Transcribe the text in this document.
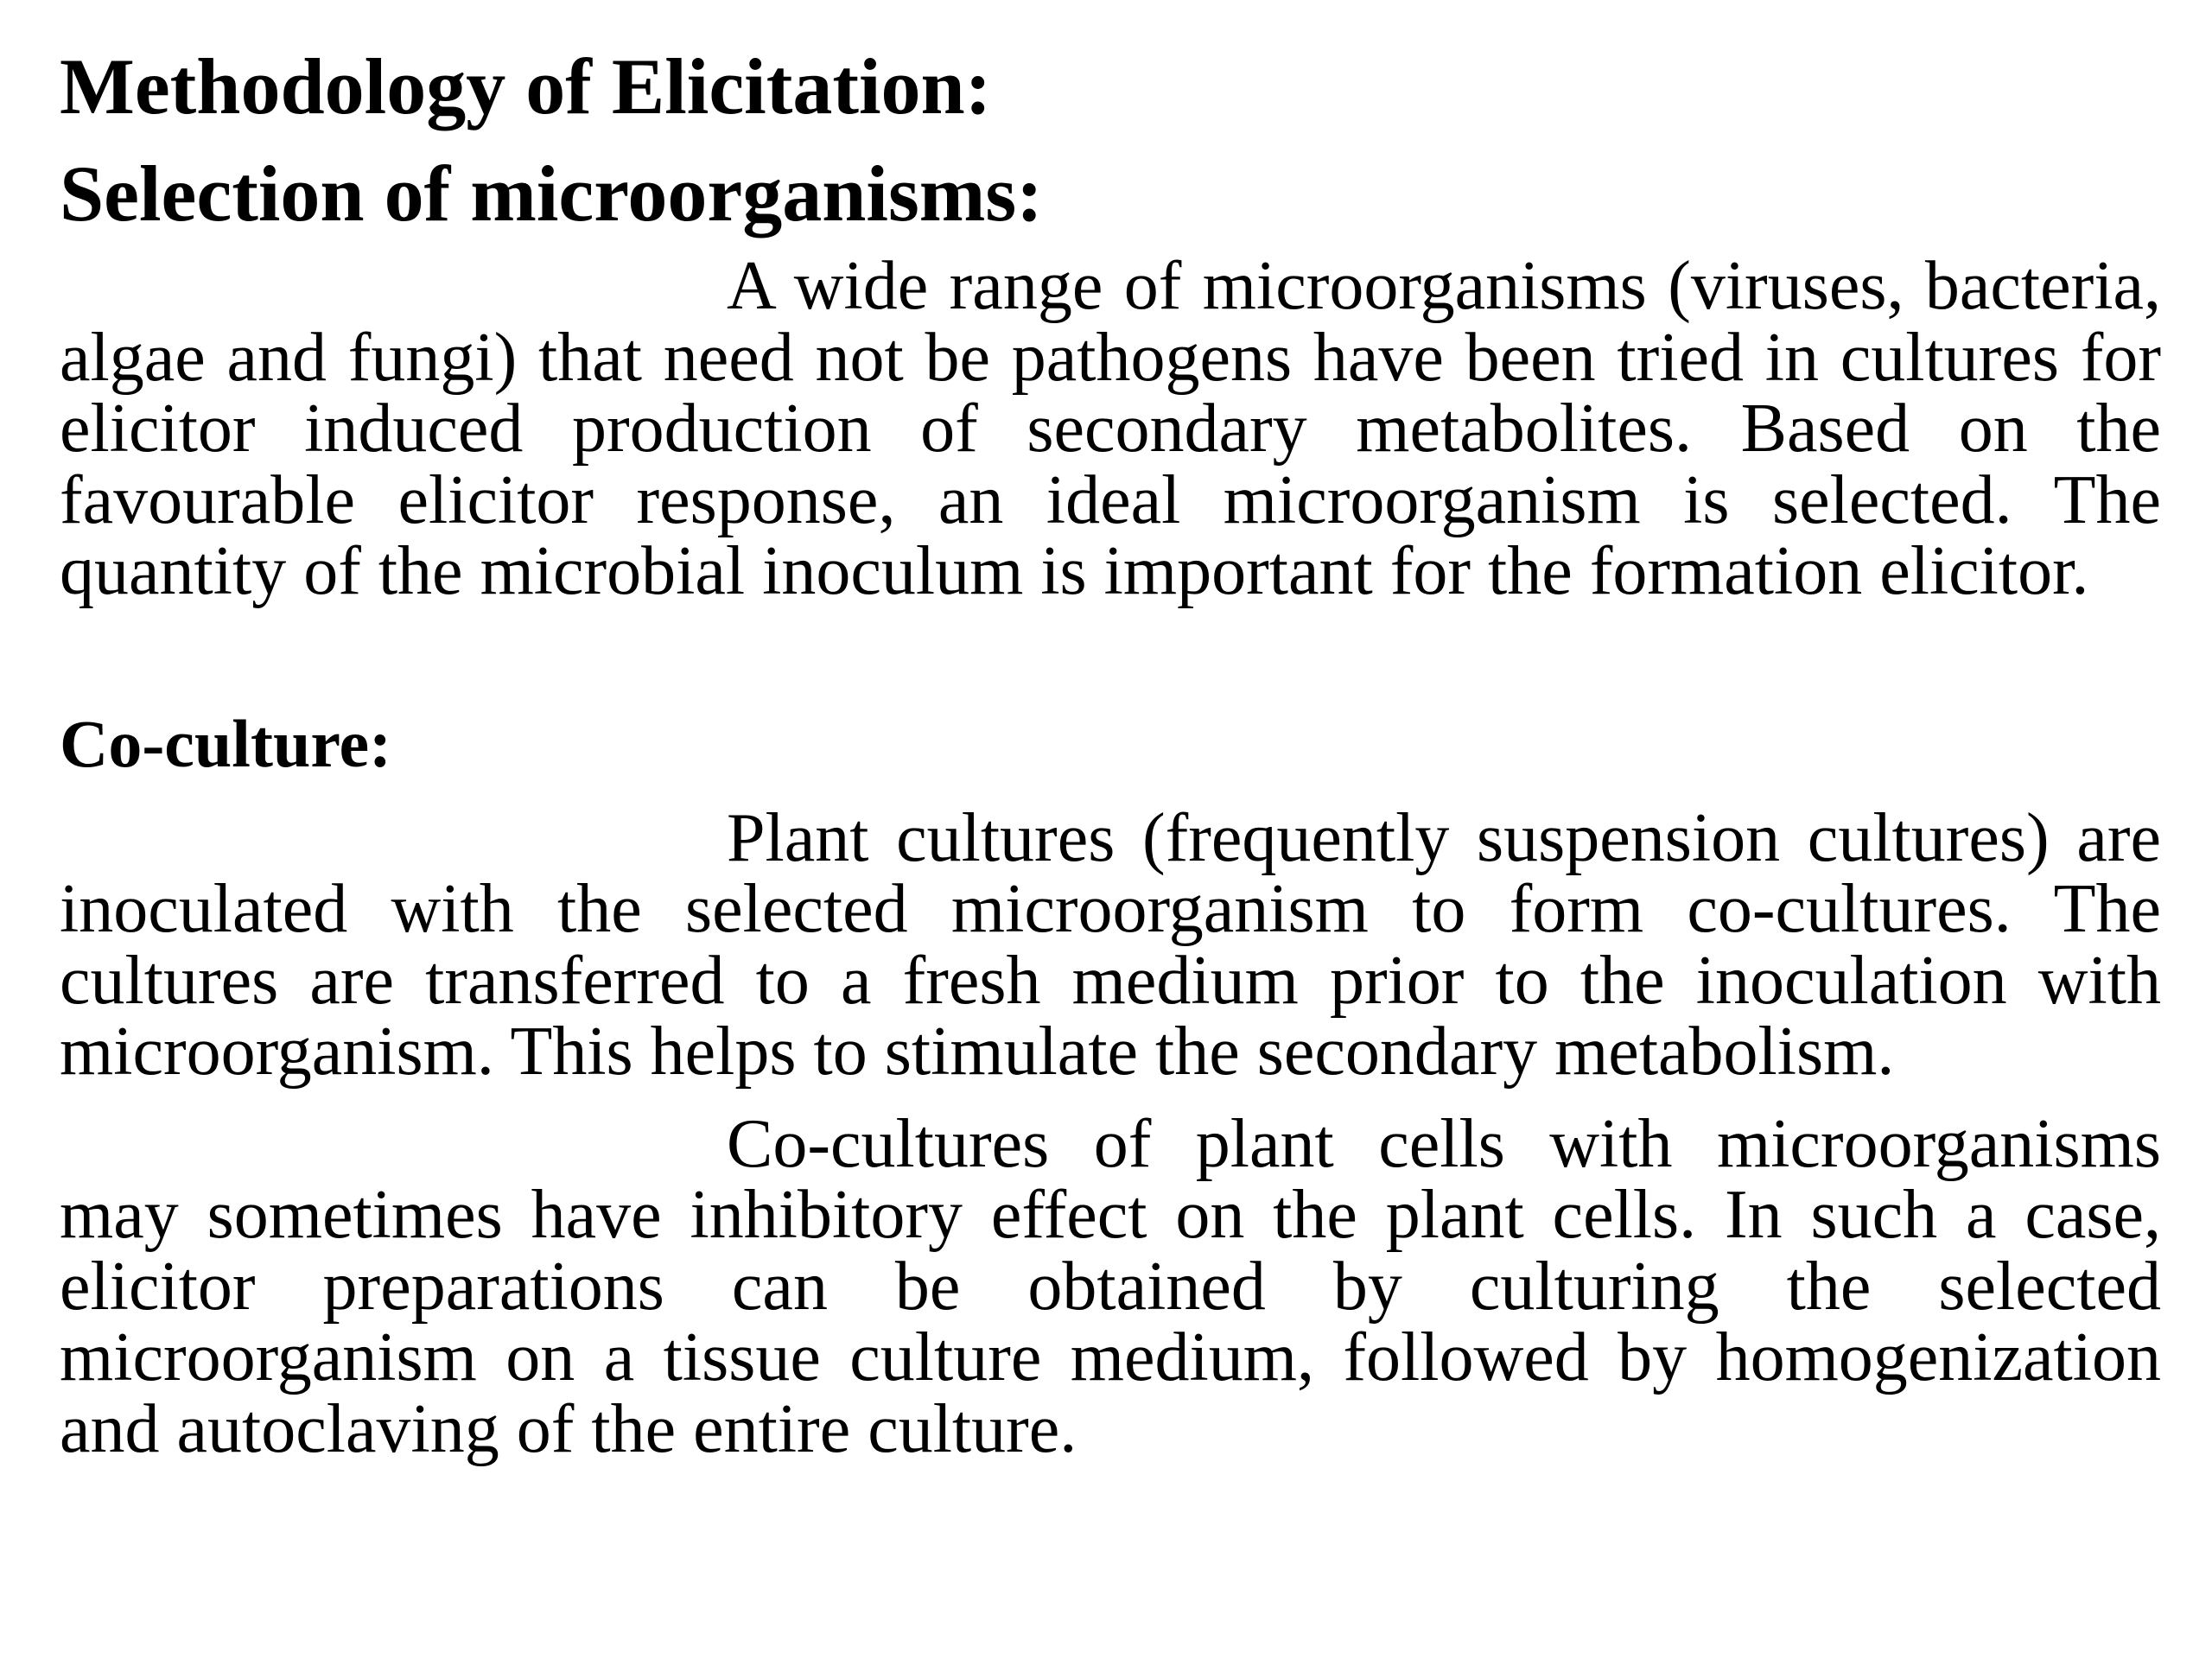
Methodology of Elicitation:
Selection of microorganisms:

A wide range of microorganisms (viruses, bacteria, algae and fungi) that need not be pathogens have been tried in cultures for elicitor induced production of secondary metabolites. Based on the favourable elicitor response, an ideal microorganism is selected. The quantity of the microbial inoculum is important for the formation elicitor.

Co-culture:

Plant cultures (frequently suspension cultures) are inoculated with the selected microorganism to form co-cultures. The cultures are transferred to a fresh medium prior to the inoculation with microorganism. This helps to stimulate the secondary metabolism.

Co-cultures of plant cells with microorganisms may sometimes have inhibitory effect on the plant cells. In such a case, elicitor preparations can be obtained by culturing the selected microorganism on a tissue culture medium, followed by homogenization and autoclaving of the entire culture.
